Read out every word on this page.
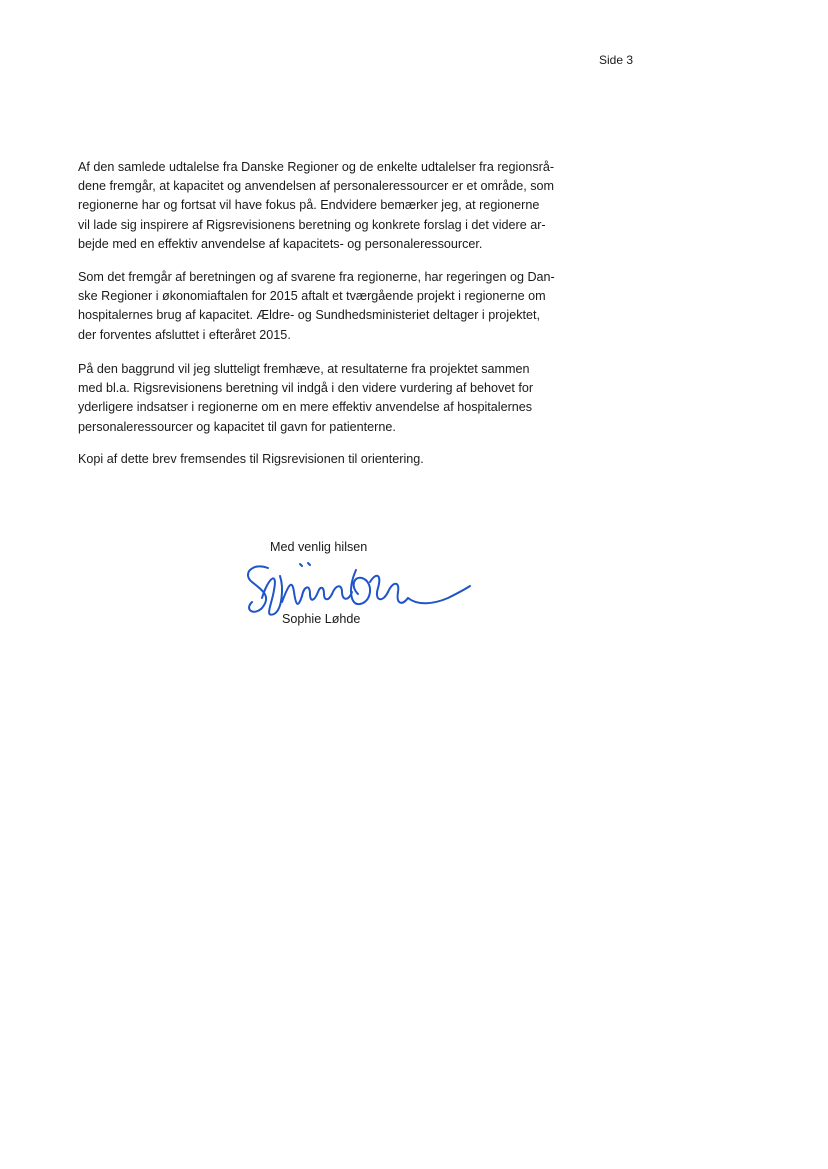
Side 3

Af den samlede udtalelse fra Danske Regioner og de enkelte udtalelser fra regionsrå-
dene fremgår, at kapacitet og anvendelsen af personaleressourcer er et område, som
regionerne har og fortsat vil have fokus på. Endvidere bemærker jeg, at regionerne
vil lade sig inspirere af Rigsrevisionens beretning og konkrete forslag i det videre ar-
bejde med en effektiv anvendelse af kapacitets- og personaleressourcer.

Som det fremgår af beretningen og af svarene fra regionerne, har regeringen og Dan-
ske Regioner i økonomiaftalen for 2015 aftalt et tværgående projekt i regionerne om
hospitalernes brug af kapacitet. Ældre- og Sundhedsministeriet deltager i projektet,
der forventes afsluttet i efteråret 2015.

På den baggrund vil jeg slutteligt fremhæve, at resultaterne fra projektet sammen
med bl.a. Rigsrevisionens beretning vil indgå i den videre vurdering af behovet for
yderligere indsatser i regionerne om en mere effektiv anvendelse af hospitalernes
personaleressourcer og kapacitet til gavn for patienterne.

Kopi af dette brev fremsendes til Rigsrevisionen til orientering.

Med venlig hilsen
Sophie Løhde
